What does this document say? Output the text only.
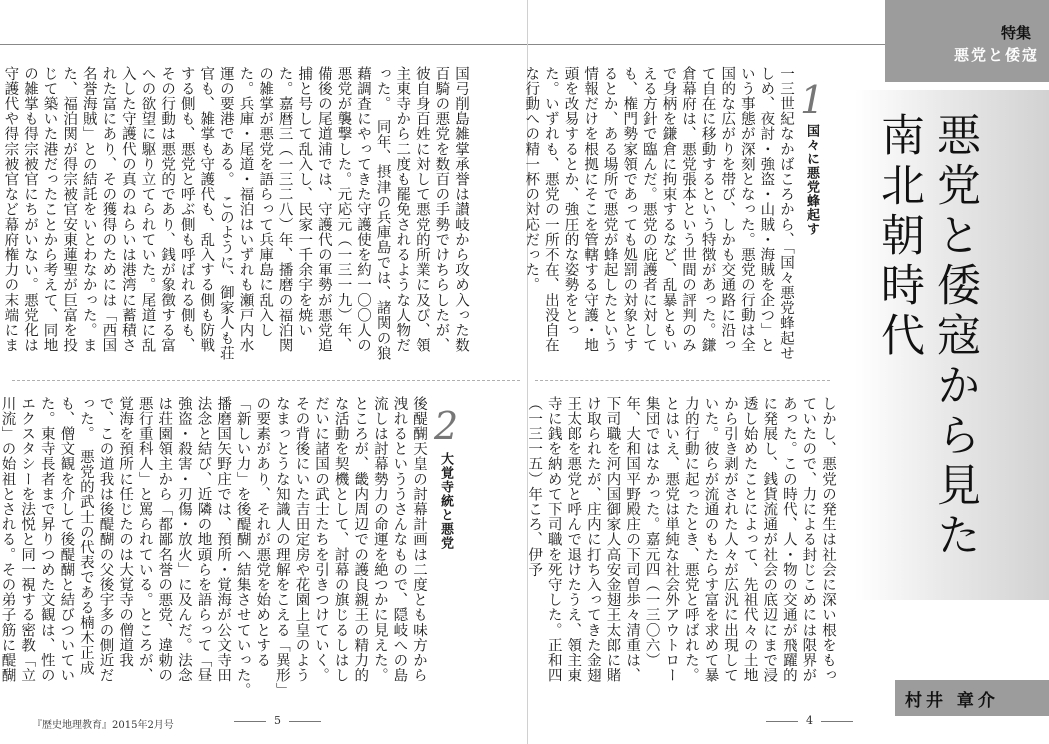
特集
悪党と倭寇
悪党と倭寇から見た
南北朝時代
村井 章介
1
国々に悪党蜂起す
2
大覚寺統と悪党
一三世紀なかばころから、「国々悪党蜂起せしめ、夜討・強盗・山賊・海賊を企つ」という事態が深刻となった。悪党の行動は全国的な広がりを帯び、しかも交通路に沿って自在に移動するという特徴があった。鎌倉幕府は、悪党張本という世間の評判のみで身柄を鎌倉に拘束するなど、乱暴ともいえる方針で臨んだ。悪党の庇護者に対しても、権門勢家領であっても処罰の対象とするとか、ある場所で悪党が蜂起したという情報だけを根拠にそこを管轄する守護・地頭を改易するとか、強圧的な姿勢をとった。いずれも、悪党の一所不在、出没自在な行動への精一杯の対応だった。
しかし、悪党の発生は社会に深い根をもっていたので、力による封じこめには限界があった。この時代、人・物の交通が飛躍的に発展し、銭貨流通が社会の底辺にまで浸透し始めたことによって、先祖代々の土地から引き剥がされた人々が広汎に出現していた。彼らが流通のもたらす富を求めて暴力的行動に起ったとき、悪党と呼ばれた。　とはいえ、悪党は単純な社会外アウトロー集団ではなかった。嘉元四（一三〇六）年、大和国平野殿庄の下司曽歩々清重は、下司職を河内国御家人高安金翅王太郎に賭け取られたが、庄内に打ち入ってきた金翅王太郎を悪党と呼んで退けたうえ、領主東寺に銭を納めて下司職を死守した。正和四（一三一五）年ころ、伊予
国弓削島雑掌承誉は讃岐から攻め入った数百騎の悪党を数百の手勢でけちらしたが、彼自身百姓に対して悪党的所業に及び、領主東寺から二度も罷免されるような人物だった。　同年、摂津の兵庫島では、諸関の狼藉調査にやってきた守護使を約一〇〇人の悪党が襲撃した。元応元（一三一九）年、備後の尾道浦では、守護代の軍勢が悪党追捕と号して乱入し、民家一千余宇を焼いた。嘉暦三（一三二八）年、播磨の福泊関の雑掌が悪党を語らって兵庫島に乱入した。兵庫・尾道・福泊はいずれも瀬戸内水運の要港である。　このように、御家人も荘官も、雑掌も守護代も、乱入する側も防戦する側も、悪党と呼ぶ側も呼ばれる側も、その行動は悪党的であり、銭が象徴する富への欲望に駆り立てられていた。尾道に乱入した守護代の真のねらいは港湾に蓄積された富にあり、その獲得のためには「西国名誉海賊」との結託をいとわなかった。また、福泊関が得宗被官安東蓮聖が巨富を投じて築いた港だったことから考えて、同地の雑掌も得宗被官にちがいない。悪党化は守護代や得宗被官など幕府権力の末端にま
後醍醐天皇の討幕計画は二度とも味方から洩れるといううさんなもので、隠岐への島流しは討幕勢力の命運を絶つかに見えた。ところが、畿内周辺での護良親王の精力的な活動を契機として、討幕の旗じるしはしだいに諸国の武士たちを引きつけていく。その背後にいた吉田定房や花園上皇のようなまっとうな知識人の理解をこえる「異形」の要素があり、それが悪党を始めとする「新しい力」を後醍醐へ結集させていった。　播磨国矢野庄では、預所・覚海が公文寺田法念と結び、近隣の地頭らを語らって「昼強盗・殺害・刃傷・放火」に及んだ。法念は荘園領主から「都鄙名誉の悪党、違勅の悪行重科人」と罵られている。ところが、覚海を預所に任じたのは大覚寺の僧道我で、この道我は後醍醐の父後宇多の側近だった。　悪党的武士の代表である楠木正成も、僧文観を介して後醍醐と結びついていた。東寺長者まで昇りつめた文観は、性のエクスタシーを法悦と同一視する密教「立川流」の始祖とされる。その弟子筋に醍醐
『歴史地理教育』2015年2月号	5	4
